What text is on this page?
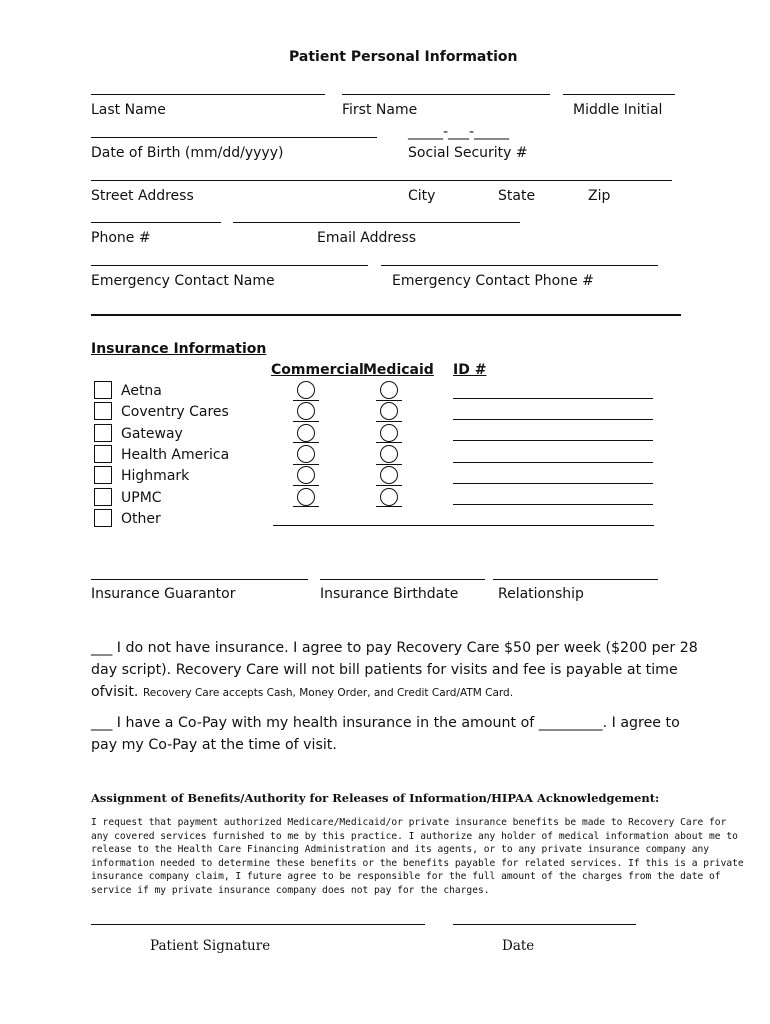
Patient Personal Information
Last Name	First Name	Middle Initial
_____-___-_____
Date of Birth (mm/dd/yyyy)	Social Security #
Street Address	City	State	Zip
Phone #	Email Address
Emergency Contact Name	Emergency Contact Phone #
Insurance Information
Commercial Medicaid ID #
Aetna
Coventry Cares
Gateway
Health America
Highmark
UPMC
Other
Insurance Guarantor	Insurance Birthdate	Relationship
___ I do not have insurance. I agree to pay Recovery Care $50 per week ($200 per 28
day script). Recovery Care will not bill patients for visits and fee is payable at time
ofvisit. Recovery Care accepts Cash, Money Order, and Credit Card/ATM Card.
___ I have a Co-Pay with my health insurance in the amount of _________. I agree to
pay my Co-Pay at the time of visit.
Assignment of Benefits/Authority for Releases of Information/HIPAA Acknowledgement:
I request that payment authorized Medicare/Medicaid/or private insurance benefits be made to Recovery Care for
any covered services furnished to me by this practice. I authorize any holder of medical information about me to
release to the Health Care Financing Administration and its agents, or to any private insurance company any
information needed to determine these benefits or the benefits payable for related services. If this is a private
insurance company claim, I future agree to be responsible for the full amount of the charges from the date of
service if my private insurance company does not pay for the charges.
Patient Signature	Date
